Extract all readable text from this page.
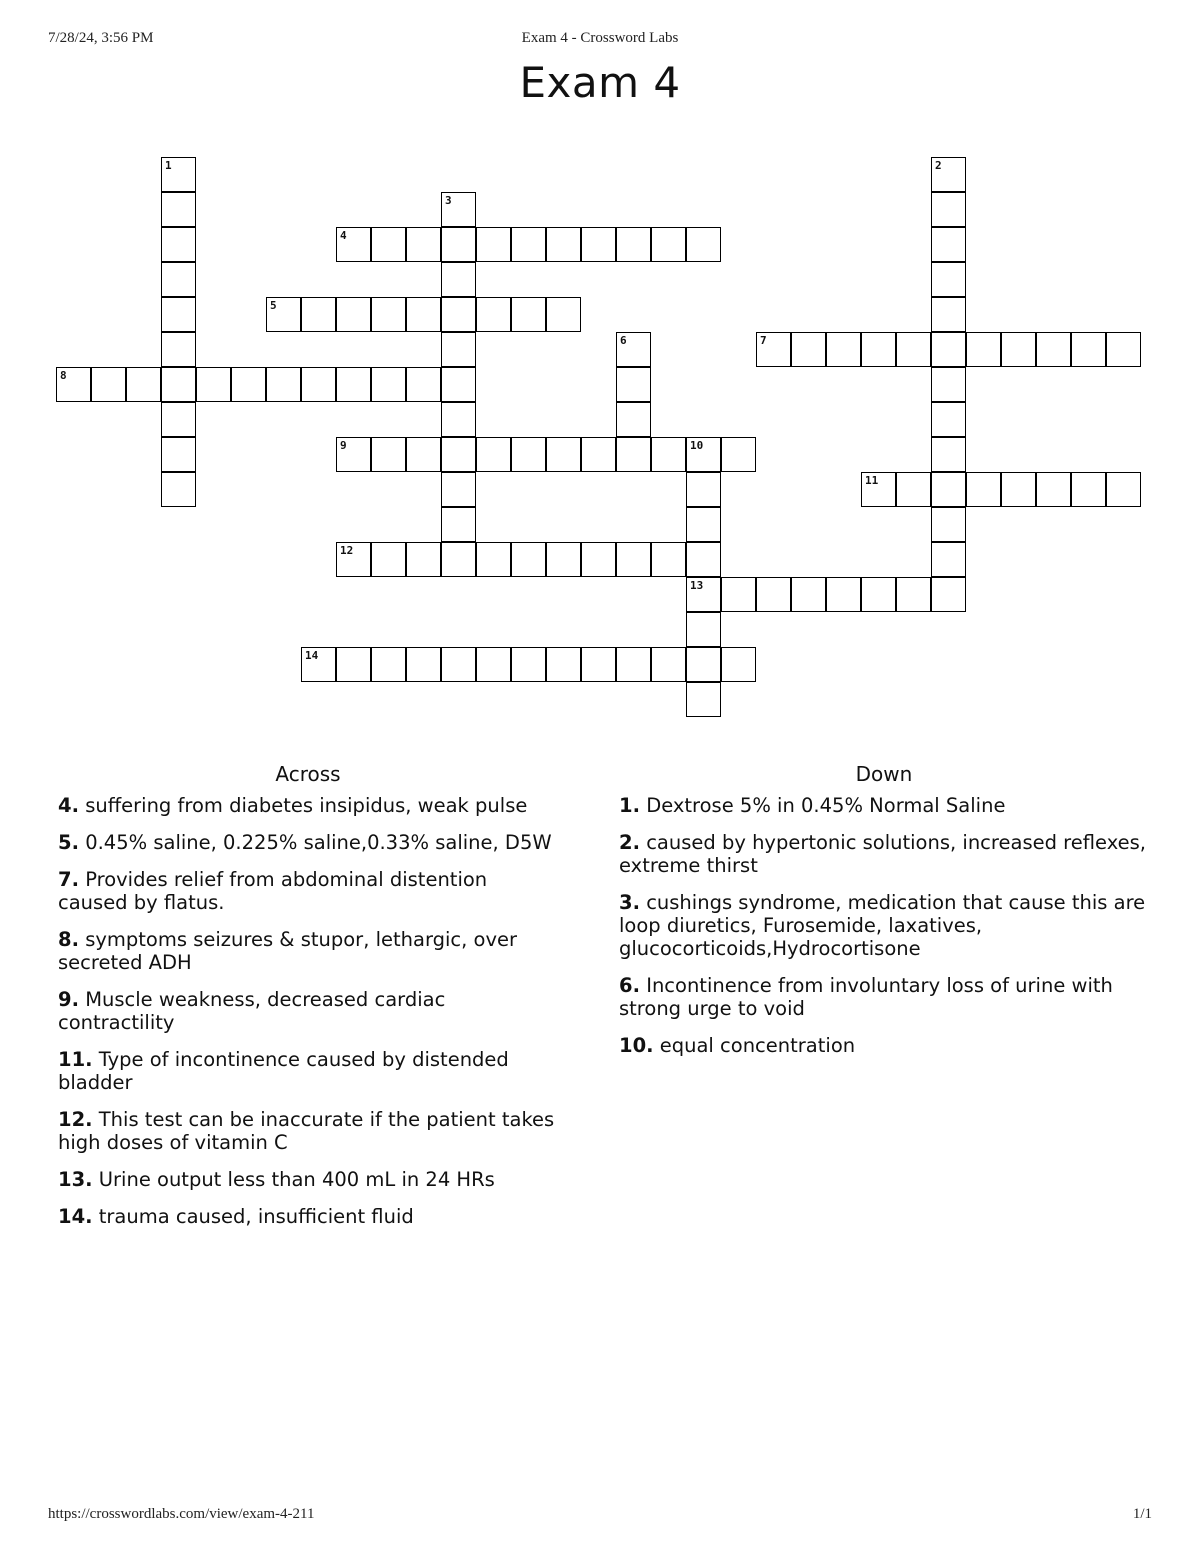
7/28/24, 3:56 PM	Exam 4 - Crossword Labs
Exam 4
1	2
3
4
5
6	7
8
9	10
13
11
12
14
Across
4. suffering from diabetes insipidus, weak pulse
5. 0.45% saline, 0.225% saline,0.33% saline, D5W
7. Provides relief from abdominal distention caused by flatus.
8. symptoms seizures & stupor, lethargic, over secreted ADH
9. Muscle weakness, decreased cardiac contractility
11. Type of incontinence caused by distended bladder
12. This test can be inaccurate if the patient takes high doses of vitamin C
13. Urine output less than 400 mL in 24 HRs
14. trauma caused, insufficient fluid
Down
1. Dextrose 5% in 0.45% Normal Saline
2. caused by hypertonic solutions, increased reflexes, extreme thirst
3. cushings syndrome, medication that cause this are loop diuretics, Furosemide, laxatives, glucocorticoids,Hydrocortisone
6. Incontinence from involuntary loss of urine with strong urge to void
10. equal concentration
https://crosswordlabs.com/view/exam-4-211	1/1
